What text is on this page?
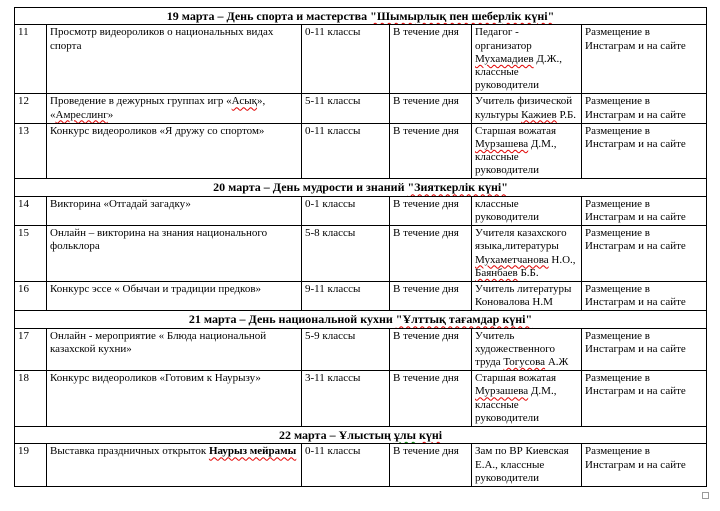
19 марта – День спорта и мастерства "Шымырлық пен шеберлік күні"					
11	Просмотр видеороликов о национальных видах спорта	0-11 классы	В течение дня	Педагог - организатор Мухамадиев Д.Ж., классные руководители	Размещение в Инстаграм и на сайте
12	Проведение в дежурных группах игр «Асық», «Амреслинг»	5-11 классы	В течение дня	Учитель физической культуры Кажиев Р.Б.	Размещение в Инстаграм и на сайте
13	Конкурс видеороликов «Я дружу со спортом»	0-11 классы	В течение дня	Старшая вожатая Мурзашева Д.М., классные руководители	Размещение в Инстаграм и на сайте
20 марта – День мудрости и знаний "Зияткерлік күні"					
14	Викторина «Отгадай загадку»	0-1 классы	В течение дня	классные руководители	Размещение в Инстаграм и на сайте
15	Онлайн – викторина на знания национального фольклора	5-8 классы	В течение дня	Учителя казахского языка,литературы Мухаметчанова Н.О., Баянбаев Б.Б.	Размещение в Инстаграм и на сайте
16	Конкурс эссе « Обычаи и традиции предков»	9-11 классы	В течение дня	Учитель литературы Коновалова Н.М	Размещение в Инстаграм и на сайте
21 марта – День национальной кухни "Ұлттық тағамдар күні"					
17	Онлайн - мероприятие « Блюда национальной казахской кухни»	5-9 классы	В течение дня	Учитель художественного труда Тогусова А.Ж	Размещение в Инстаграм и на сайте
18	Конкурс видеороликов «Готовим к Наурызу»	3-11 классы	В течение дня	Старшая вожатая Мурзашева Д.М., классные руководители	Размещение в Инстаграм и на сайте
22 марта – Ұлыстың ұлы күні					
19	Выставка праздничных открыток Наурыз мейрамы	0-11 классы	В течение дня	Зам по ВР Киевская Е.А., классные руководители	Размещение в Инстаграм и на сайте
